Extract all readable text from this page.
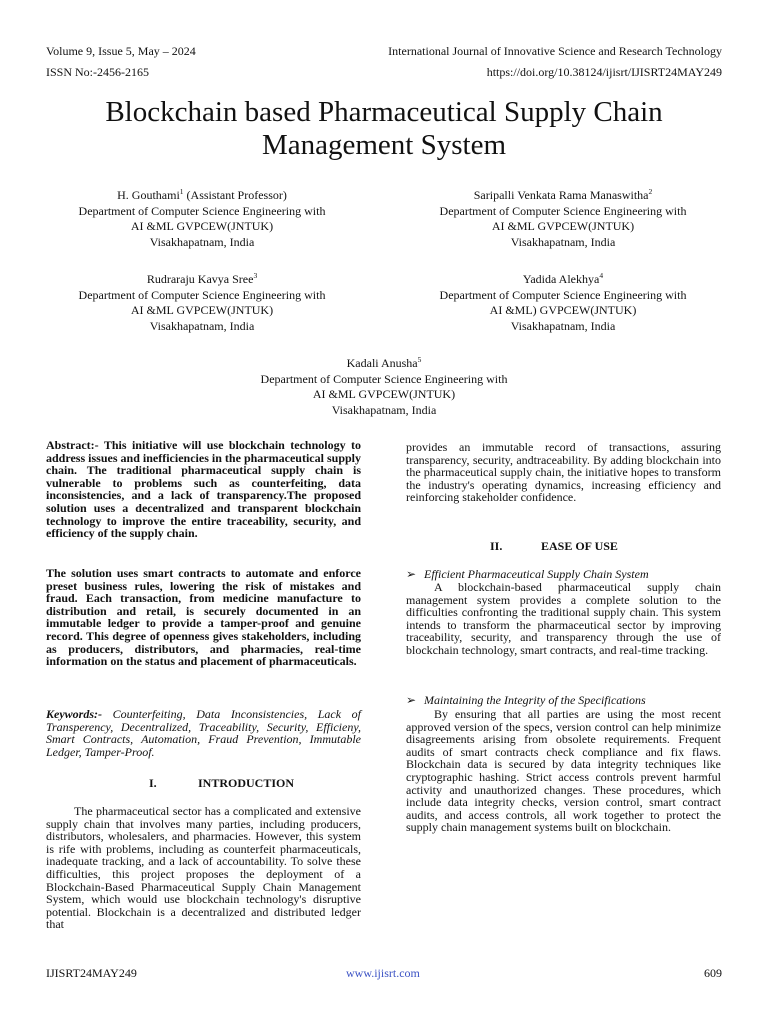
Volume 9, Issue 5, May – 2024	International Journal of Innovative Science and Research Technology
ISSN No:-2456-2165	https://doi.org/10.38124/ijisrt/IJISRT24MAY249
Blockchain based Pharmaceutical Supply Chain
Management System
H. Gouthami$^1$ (Assistant Professor)
Department of Computer Science Engineering with
AI &ML GVPCEW(JNTUK)
Visakhapatnam, India
Saripalli Venkata Rama Manaswitha$^2$
Department of Computer Science Engineering with
AI &ML GVPCEW(JNTUK)
Visakhapatnam, India
Rudraraju Kavya Sree$^3$
Department of Computer Science Engineering with
AI &ML GVPCEW(JNTUK)
Visakhapatnam, India
Yadida Alekhya$^4$
Department of Computer Science Engineering with
AI &ML) GVPCEW(JNTUK)
Visakhapatnam, India
Kadali Anusha$^5$
Department of Computer Science Engineering with
AI &ML GVPCEW(JNTUK)
Visakhapatnam, India

Abstract:- This initiative will use blockchain technology to address issues and inefficiencies in the pharmaceutical supply chain. The traditional pharmaceutical supply chain is vulnerable to problems such as counterfeiting, data inconsistencies, and a lack of transparency.The proposed solution uses a decentralized and transparent blockchain technology to improve the entire traceability, security, and efficiency of the supply chain.

The solution uses smart contracts to automate and enforce preset business rules, lowering the risk of mistakes and fraud. Each transaction, from medicine manufacture to distribution and retail, is securely documented in an immutable ledger to provide a tamper-proof and genuine record. This degree of openness gives stakeholders, including as producers, distributors, and pharmacies, real-time information on the status and placement of pharmaceuticals.

Keywords:- Counterfeiting, Data Inconsistencies, Lack of Transperency, Decentralized, Traceability, Security, Efficieny, Smart Contracts, Automation, Fraud Prevention, Immutable Ledger, Tamper-Proof.

I.	INTRODUCTION
The pharmaceutical sector has a complicated and extensive supply chain that involves many parties, including producers, distributors, wholesalers, and pharmacies. However, this system is rife with problems, including as counterfeit pharmaceuticals, inadequate tracking, and a lack of accountability. To solve these difficulties, this project proposes the deployment of a Blockchain-Based Pharmaceutical Supply Chain Management System, which would use blockchain technology's disruptive potential. Blockchain is a decentralized and distributed ledger that
provides an immutable record of transactions, assuring transparency, security, andtraceability. By adding blockchain into the pharmaceutical supply chain, the initiative hopes to transform the industry's operating dynamics, increasing efficiency and reinforcing stakeholder confidence.
II.	EASE OF USE
➢ Efficient Pharmaceutical Supply Chain System
A blockchain-based pharmaceutical supply chain management system provides a complete solution to the difficulties confronting the traditional supply chain. This system intends to transform the pharmaceutical sector by improving traceability, security, and transparency through the use of blockchain technology, smart contracts, and real-time tracking.
➢ Maintaining the Integrity of the Specifications
By ensuring that all parties are using the most recent approved version of the specs, version control can help minimize disagreements arising from obsolete requirements. Frequent audits of smart contracts check compliance and fix flaws. Blockchain data is secured by data integrity techniques like cryptographic hashing. Strict access controls prevent harmful activity and unauthorized changes. These procedures, which include data integrity checks, version control, smart contract audits, and access controls, all work together to protect the supply chain management systems built on blockchain.
IJISRT24MAY249	www.ijisrt.com	609
